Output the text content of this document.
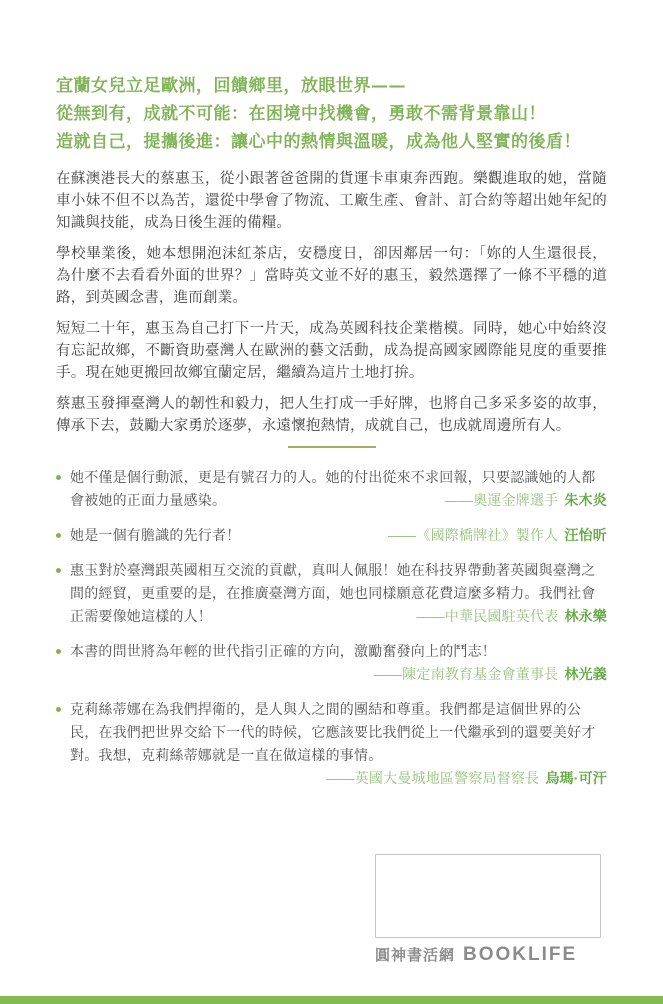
宜蘭女兒立足歐洲，回饋鄉里，放眼世界——
從無到有，成就不可能：在困境中找機會，勇敢不需背景靠山！
造就自己，提攜後進：讓心中的熱情與溫暖，成為他人堅實的後盾！

在蘇澳港長大的蔡惠玉，從小跟著爸爸開的貨運卡車東奔西跑。樂觀進取的她，當隨車小妹不但不以為苦，還從中學會了物流、工廠生產、會計、訂合約等超出她年紀的知識與技能，成為日後生涯的備糧。

學校畢業後，她本想開泡沫紅茶店，安穩度日，卻因鄰居一句：「妳的人生還很長，為什麼不去看看外面的世界？」當時英文並不好的惠玉，毅然選擇了一條不平穩的道路，到英國念書，進而創業。

短短二十年，惠玉為自己打下一片天，成為英國科技企業楷模。同時，她心中始終沒有忘記故鄉，不斷資助臺灣人在歐洲的藝文活動，成為提高國家國際能見度的重要推手。現在她更搬回故鄉宜蘭定居，繼續為這片土地打拚。

蔡惠玉發揮臺灣人的韌性和毅力，把人生打成一手好牌，也將自己多采多姿的故事，傳承下去，鼓勵大家勇於逐夢，永遠懷抱熱情，成就自己，也成就周邊所有人。

她不僅是個行動派，更是有號召力的人。她的付出從來不求回報，只要認識她的人都會被她的正面力量感染。	——奧運金牌選手 朱木炎
她是一個有膽識的先行者！	——《國際橋牌社》製作人 汪怡昕
惠玉對於臺灣跟英國相互交流的貢獻，真叫人佩服！她在科技界帶動著英國與臺灣之間的經貿，更重要的是，在推廣臺灣方面，她也同樣願意花費這麼多精力。我們社會正需要像她這樣的人！	——中華民國駐英代表 林永樂
本書的問世將為年輕的世代指引正確的方向，激勵奮發向上的鬥志！
——陳定南教育基金會董事長 林光義
克莉絲蒂娜在為我們捍衛的，是人與人之間的團結和尊重。我們都是這個世界的公民，在我們把世界交給下一代的時候，它應該要比我們從上一代繼承到的還要美好才對。我想，克莉絲蒂娜就是一直在做這樣的事情。
——英國大曼城地區警察局督察長 烏瑪·可汗
圓神書活網 BOOKLIFE
